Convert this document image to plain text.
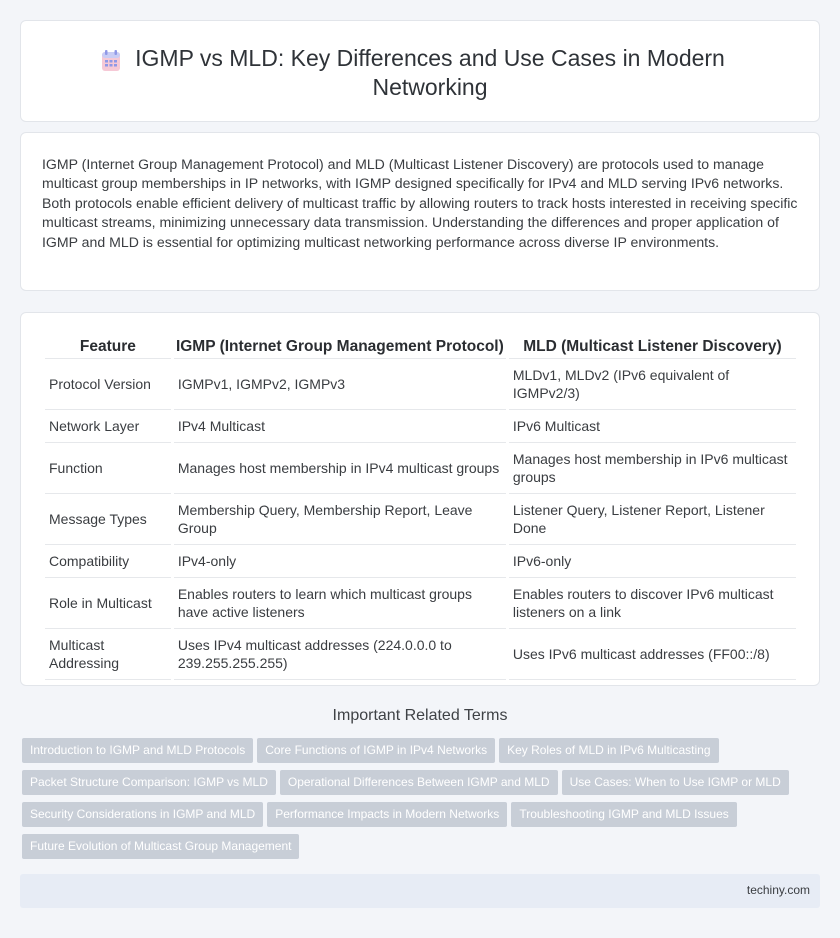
IGMP vs MLD: Key Differences and Use Cases in Modern Networking

IGMP (Internet Group Management Protocol) and MLD (Multicast Listener Discovery) are protocols used to manage multicast group memberships in IP networks, with IGMP designed specifically for IPv4 and MLD serving IPv6 networks. Both protocols enable efficient delivery of multicast traffic by allowing routers to track hosts interested in receiving specific multicast streams, minimizing unnecessary data transmission. Understanding the differences and proper application of IGMP and MLD is essential for optimizing multicast networking performance across diverse IP environments.

Feature	IGMP (Internet Group Management Protocol)	MLD (Multicast Listener Discovery)
Protocol Version	IGMPv1, IGMPv2, IGMPv3	MLDv1, MLDv2 (IPv6 equivalent of IGMPv2/3)
Network Layer	IPv4 Multicast	IPv6 Multicast
Function	Manages host membership in IPv4 multicast groups	Manages host membership in IPv6 multicast groups
Message Types	Membership Query, Membership Report, Leave Group	Listener Query, Listener Report, Listener Done
Compatibility	IPv4-only	IPv6-only
Role in Multicast	Enables routers to learn which multicast groups have active listeners	Enables routers to discover IPv6 multicast listeners on a link
Multicast Addressing	Uses IPv4 multicast addresses (224.0.0.0 to 239.255.255.255)	Uses IPv6 multicast addresses (FF00::/8)
Important Related Terms
Introduction to IGMP and MLD Protocols Core Functions of IGMP in IPv4 Networks Key Roles of MLD in IPv6 Multicasting
Packet Structure Comparison: IGMP vs MLD Operational Differences Between IGMP and MLD Use Cases: When to Use IGMP or MLD
Security Considerations in IGMP and MLD Performance Impacts in Modern Networks Troubleshooting IGMP and MLD Issues
Future Evolution of Multicast Group Management
techiny.com
